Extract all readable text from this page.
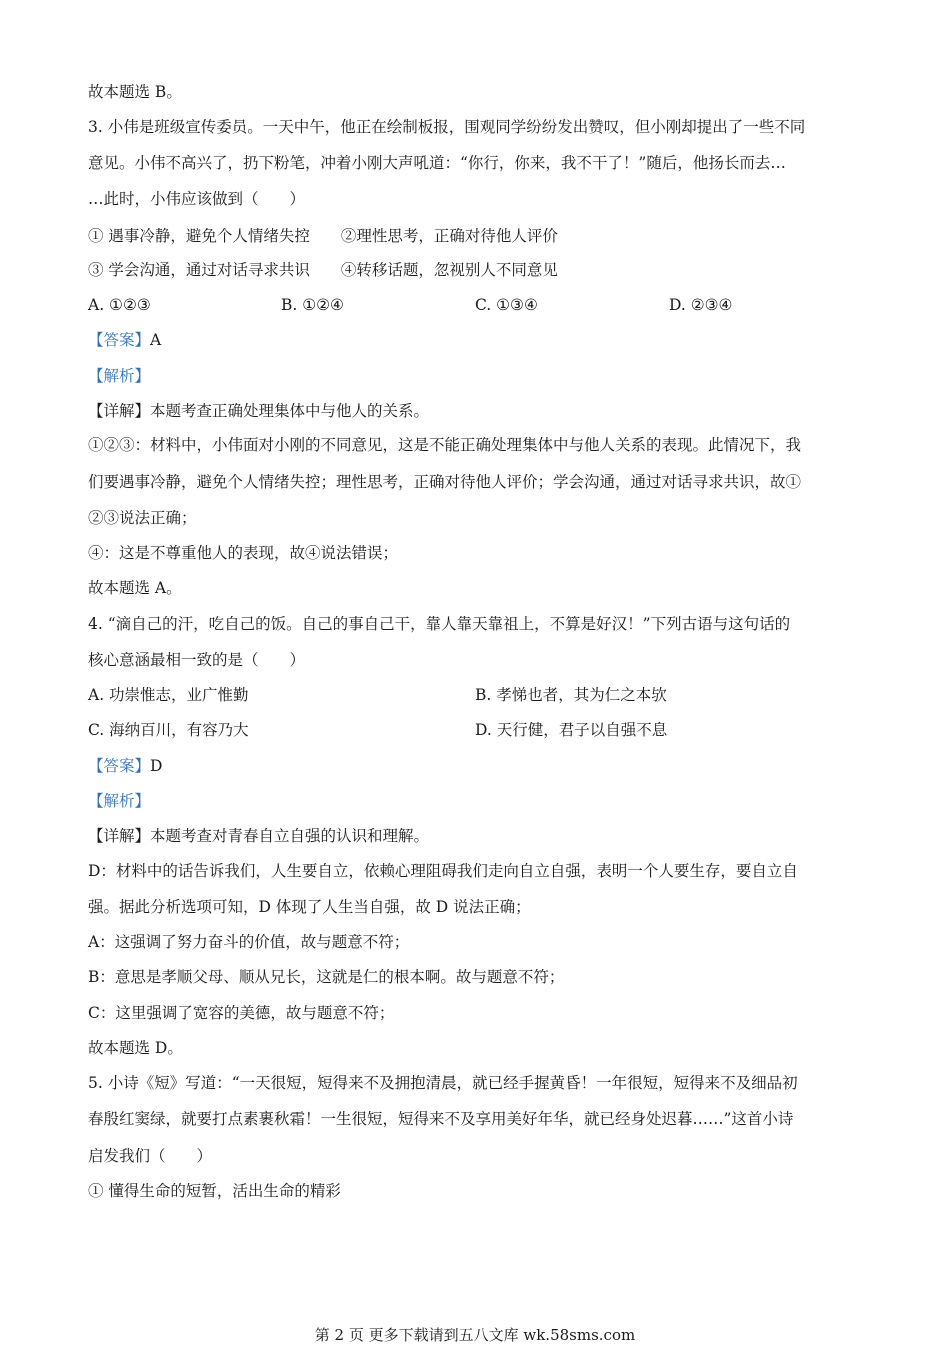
故本题选 B。
3. 小伟是班级宣传委员。一天中午，他正在绘制板报，围观同学纷纷发出赞叹，但小刚却提出了一些不同
意见。小伟不高兴了，扔下粉笔，冲着小刚大声吼道：“你行，你来，我不干了！”随后，他扬长而去…
…此时，小伟应该做到（　　）
① 遇事冷静，避免个人情绪失控　　②理性思考，正确对待他人评价
③ 学会沟通，通过对话寻求共识　　④转移话题，忽视别人不同意见
A. ①②③	B. ①②④	C. ①③④	D. ②③④
【答案】A
【解析】
【详解】本题考查正确处理集体中与他人的关系。
①②③：材料中，小伟面对小刚的不同意见，这是不能正确处理集体中与他人关系的表现。此情况下，我
们要遇事冷静，避免个人情绪失控；理性思考，正确对待他人评价；学会沟通，通过对话寻求共识，故①
②③说法正确；
④：这是不尊重他人的表现，故④说法错误；
故本题选 A。
4. “滴自己的汗，吃自己的饭。自己的事自己干，靠人靠天靠祖上，不算是好汉！”下列古语与这句话的
核心意涵最相一致的是（　　）
A. 功崇惟志，业广惟勤	B. 孝悌也者，其为仁之本欤
C. 海纳百川，有容乃大	D. 天行健，君子以自强不息
【答案】D
【解析】
【详解】本题考查对青春自立自强的认识和理解。
D：材料中的话告诉我们，人生要自立，依赖心理阻碍我们走向自立自强，表明一个人要生存，要自立自
强。据此分析选项可知，D 体现了人生当自强，故 D 说法正确；
A：这强调了努力奋斗的价值，故与题意不符；
B：意思是孝顺父母、顺从兄长，这就是仁的根本啊。故与题意不符；
C：这里强调了宽容的美德，故与题意不符；
故本题选 D。
5. 小诗《短》写道：“一天很短，短得来不及拥抱清晨，就已经手握黄昏！一年很短，短得来不及细品初
春殷红窦绿，就要打点素裹秋霜！一生很短，短得来不及享用美好年华，就已经身处迟暮……”这首小诗
启发我们（　　）
① 懂得生命的短暂，活出生命的精彩
第 2 页 更多下载请到五八文库 wk.58sms.com
